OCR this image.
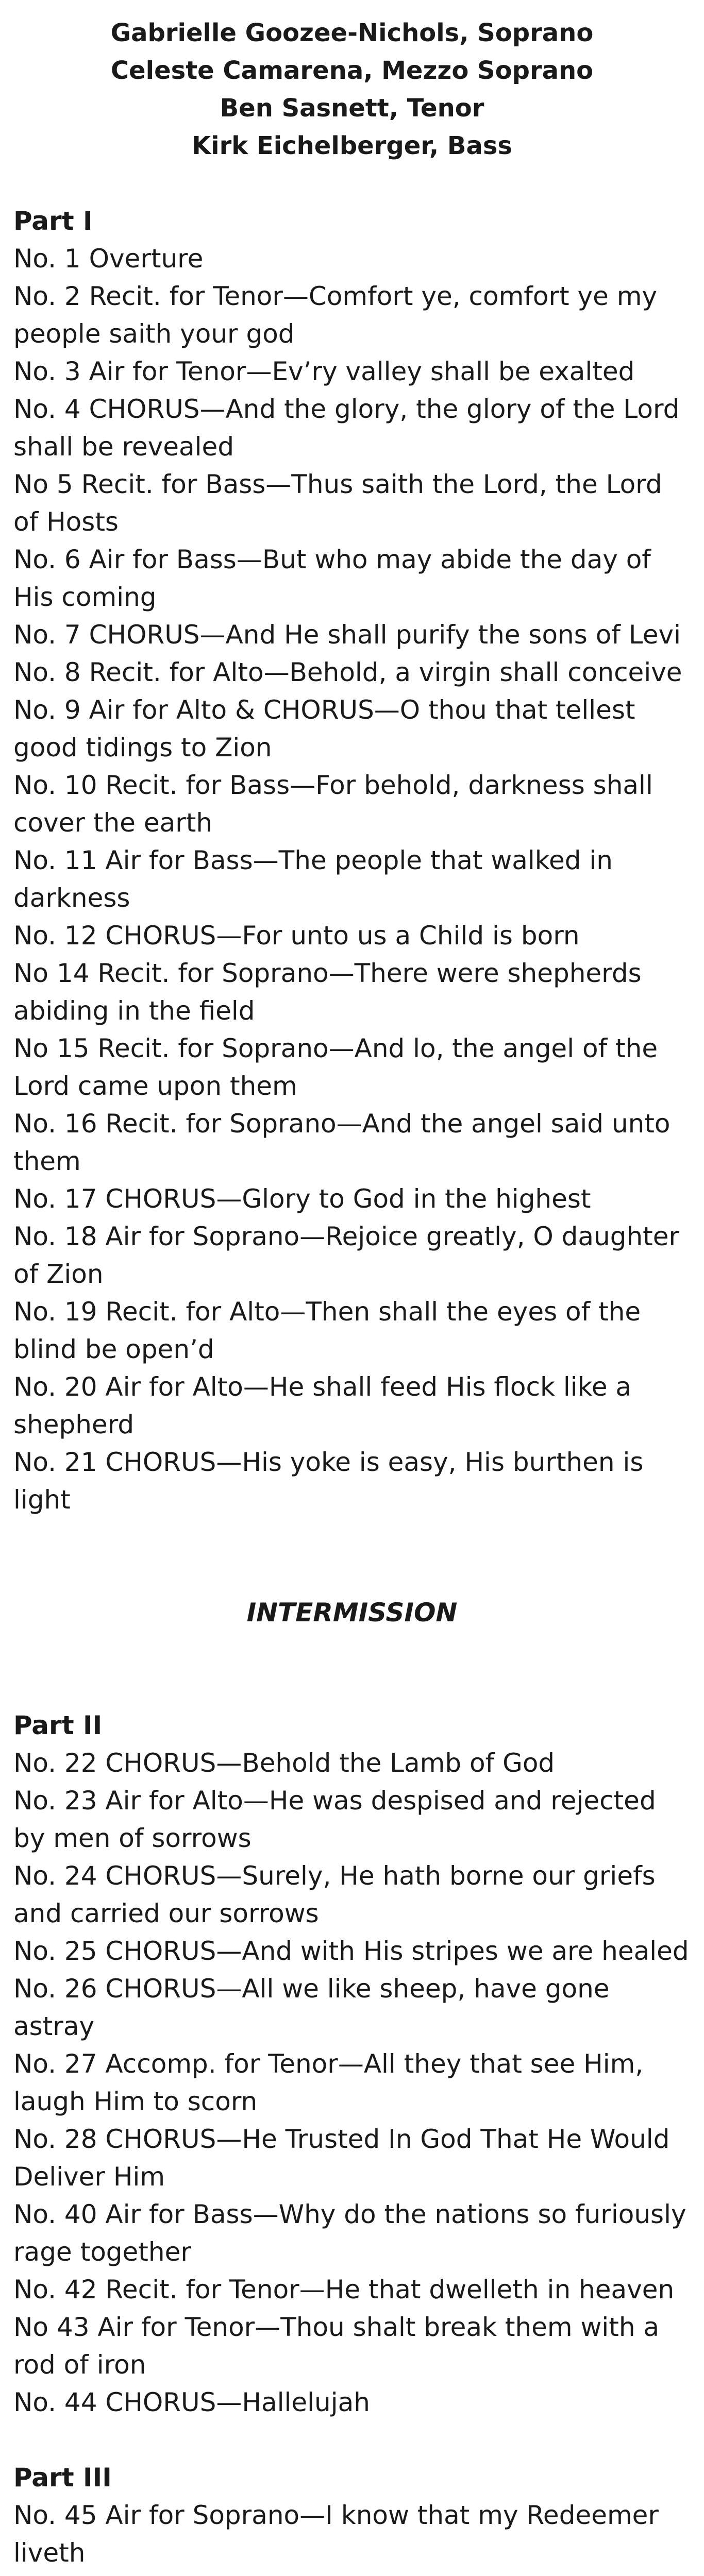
Gabrielle Goozee-Nichols, Soprano
Celeste Camarena, Mezzo Soprano
Ben Sasnett, Tenor
Kirk Eichelberger, Bass
Part I
No. 1 Overture
No. 2 Recit. for Tenor—Comfort ye, comfort ye my people saith your god
No. 3 Air for Tenor—Ev’ry valley shall be exalted
No. 4 CHORUS—And the glory, the glory of the Lord shall be revealed
No 5 Recit. for Bass—Thus saith the Lord, the Lord of Hosts
No. 6 Air for Bass—But who may abide the day of His coming
No. 7 CHORUS—And He shall purify the sons of Levi
No. 8 Recit. for Alto—Behold, a virgin shall conceive
No. 9 Air for Alto & CHORUS—O thou that tellest good tidings to Zion
No. 10 Recit. for Bass—For behold, darkness shall cover the earth
No. 11 Air for Bass—The people that walked in darkness
No. 12 CHORUS—For unto us a Child is born
No 14 Recit. for Soprano—There were shepherds abiding in the field
No 15 Recit. for Soprano—And lo, the angel of the Lord came upon them
No. 16 Recit. for Soprano—And the angel said unto them
No. 17 CHORUS—Glory to God in the highest
No. 18 Air for Soprano—Rejoice greatly, O daughter of Zion
No. 19 Recit. for Alto—Then shall the eyes of the blind be open’d
No. 20 Air for Alto—He shall feed His flock like a shepherd
No. 21 CHORUS—His yoke is easy, His burthen is light
INTERMISSION
Part II
No. 22 CHORUS—Behold the Lamb of God
No. 23 Air for Alto—He was despised and rejected by men of sorrows
No. 24 CHORUS—Surely, He hath borne our griefs and carried our sorrows
No. 25 CHORUS—And with His stripes we are healed
No. 26 CHORUS—All we like sheep, have gone astray
No. 27 Accomp. for Tenor—All they that see Him, laugh Him to scorn
No. 28 CHORUS—He Trusted In God That He Would Deliver Him
No. 40 Air for Bass—Why do the nations so furiously rage together
No. 42 Recit. for Tenor—He that dwelleth in heaven
No 43 Air for Tenor—Thou shalt break them with a rod of iron
No. 44 CHORUS—Hallelujah
Part III
No. 45 Air for Soprano—I know that my Redeemer liveth
